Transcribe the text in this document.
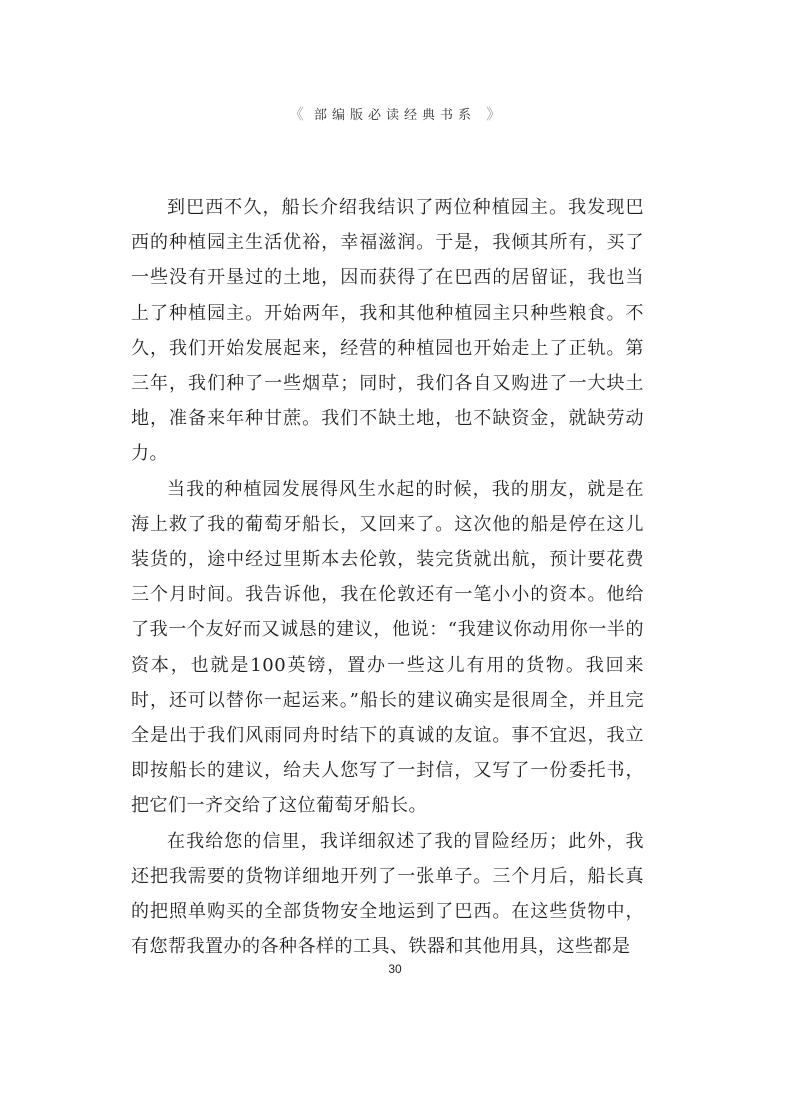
《 部编版必读经典书系 》

到巴西不久，船长介绍我结识了两位种植园主。我发现巴西的种植园主生活优裕，幸福滋润。于是，我倾其所有，买了一些没有开垦过的土地，因而获得了在巴西的居留证，我也当上了种植园主。开始两年，我和其他种植园主只种些粮食。不久，我们开始发展起来，经营的种植园也开始走上了正轨。第三年，我们种了一些烟草；同时，我们各自又购进了一大块土地，准备来年种甘蔗。我们不缺土地，也不缺资金，就缺劳动力。

当我的种植园发展得风生水起的时候，我的朋友，就是在海上救了我的葡萄牙船长，又回来了。这次他的船是停在这儿装货的，途中经过里斯本去伦敦，装完货就出航，预计要花费三个月时间。我告诉他，我在伦敦还有一笔小小的资本。他给了我一个友好而又诚恳的建议，他说：“我建议你动用你一半的资本，也就是100英镑，置办一些这儿有用的货物。我回来时，还可以替你一起运来。”船长的建议确实是很周全，并且完全是出于我们风雨同舟时结下的真诚的友谊。事不宜迟，我立即按船长的建议，给夫人您写了一封信，又写了一份委托书，把它们一齐交给了这位葡萄牙船长。

在我给您的信里，我详细叙述了我的冒险经历；此外，我还把我需要的货物详细地开列了一张单子。三个月后，船长真的把照单购买的全部货物安全地运到了巴西。在这些货物中，有您帮我置办的各种各样的工具、铁器和其他用具，这些都是

30
